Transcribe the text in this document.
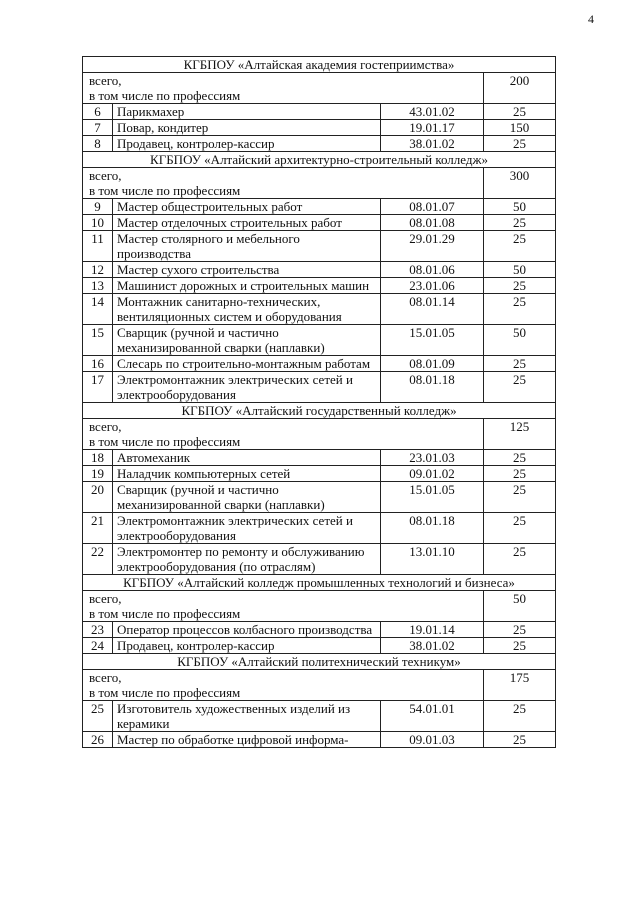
4
КГБПОУ «Алтайская академия гостеприимства»			

всего,
в том числе по профессиям			200
6	Парикмахер	43.01.02	25
7	Повар, кондитер	19.01.17	150
8	Продавец, контролер-кассир	38.01.02	25
КГБПОУ «Алтайский архитектурно-строительный колледж»			

всего,
в том числе по профессиям			300
9	Мастер общестроительных работ	08.01.07	50
10	Мастер отделочных строительных работ	08.01.08	25
11	Мастер столярного и мебельного производства	29.01.29	25
12	Мастер сухого строительства	08.01.06	50
13	Машинист дорожных и строительных машин	23.01.06	25
14	Монтажник санитарно-технических, вентиляционных систем и оборудования	08.01.14	25
15	Сварщик (ручной и частично механизированной сварки (наплавки)	15.01.05	50
16	Слесарь по строительно-монтажным работам	08.01.09	25
17	Электромонтажник электрических сетей и электрооборудования	08.01.18	25
КГБПОУ «Алтайский государственный колледж»			

всего,
в том числе по профессиям			125
18	Автомеханик	23.01.03	25
19	Наладчик компьютерных сетей	09.01.02	25
20	Сварщик (ручной и частично механизированной сварки (наплавки)	15.01.05	25
21	Электромонтажник электрических сетей и электрооборудования	08.01.18	25
22	Электромонтер по ремонту и обслуживанию электрооборудования (по отраслям)	13.01.10	25
КГБПОУ «Алтайский колледж промышленных технологий и бизнеса»			

всего,
в том числе по профессиям			50
23	Оператор процессов колбасного производства	19.01.14	25
24	Продавец, контролер-кассир	38.01.02	25
КГБПОУ «Алтайский политехнический техникум»			

всего,
в том числе по профессиям			175
25	Изготовитель художественных изделий из керамики	54.01.01	25
26	Мастер по обработке цифровой информа-	09.01.03	25
